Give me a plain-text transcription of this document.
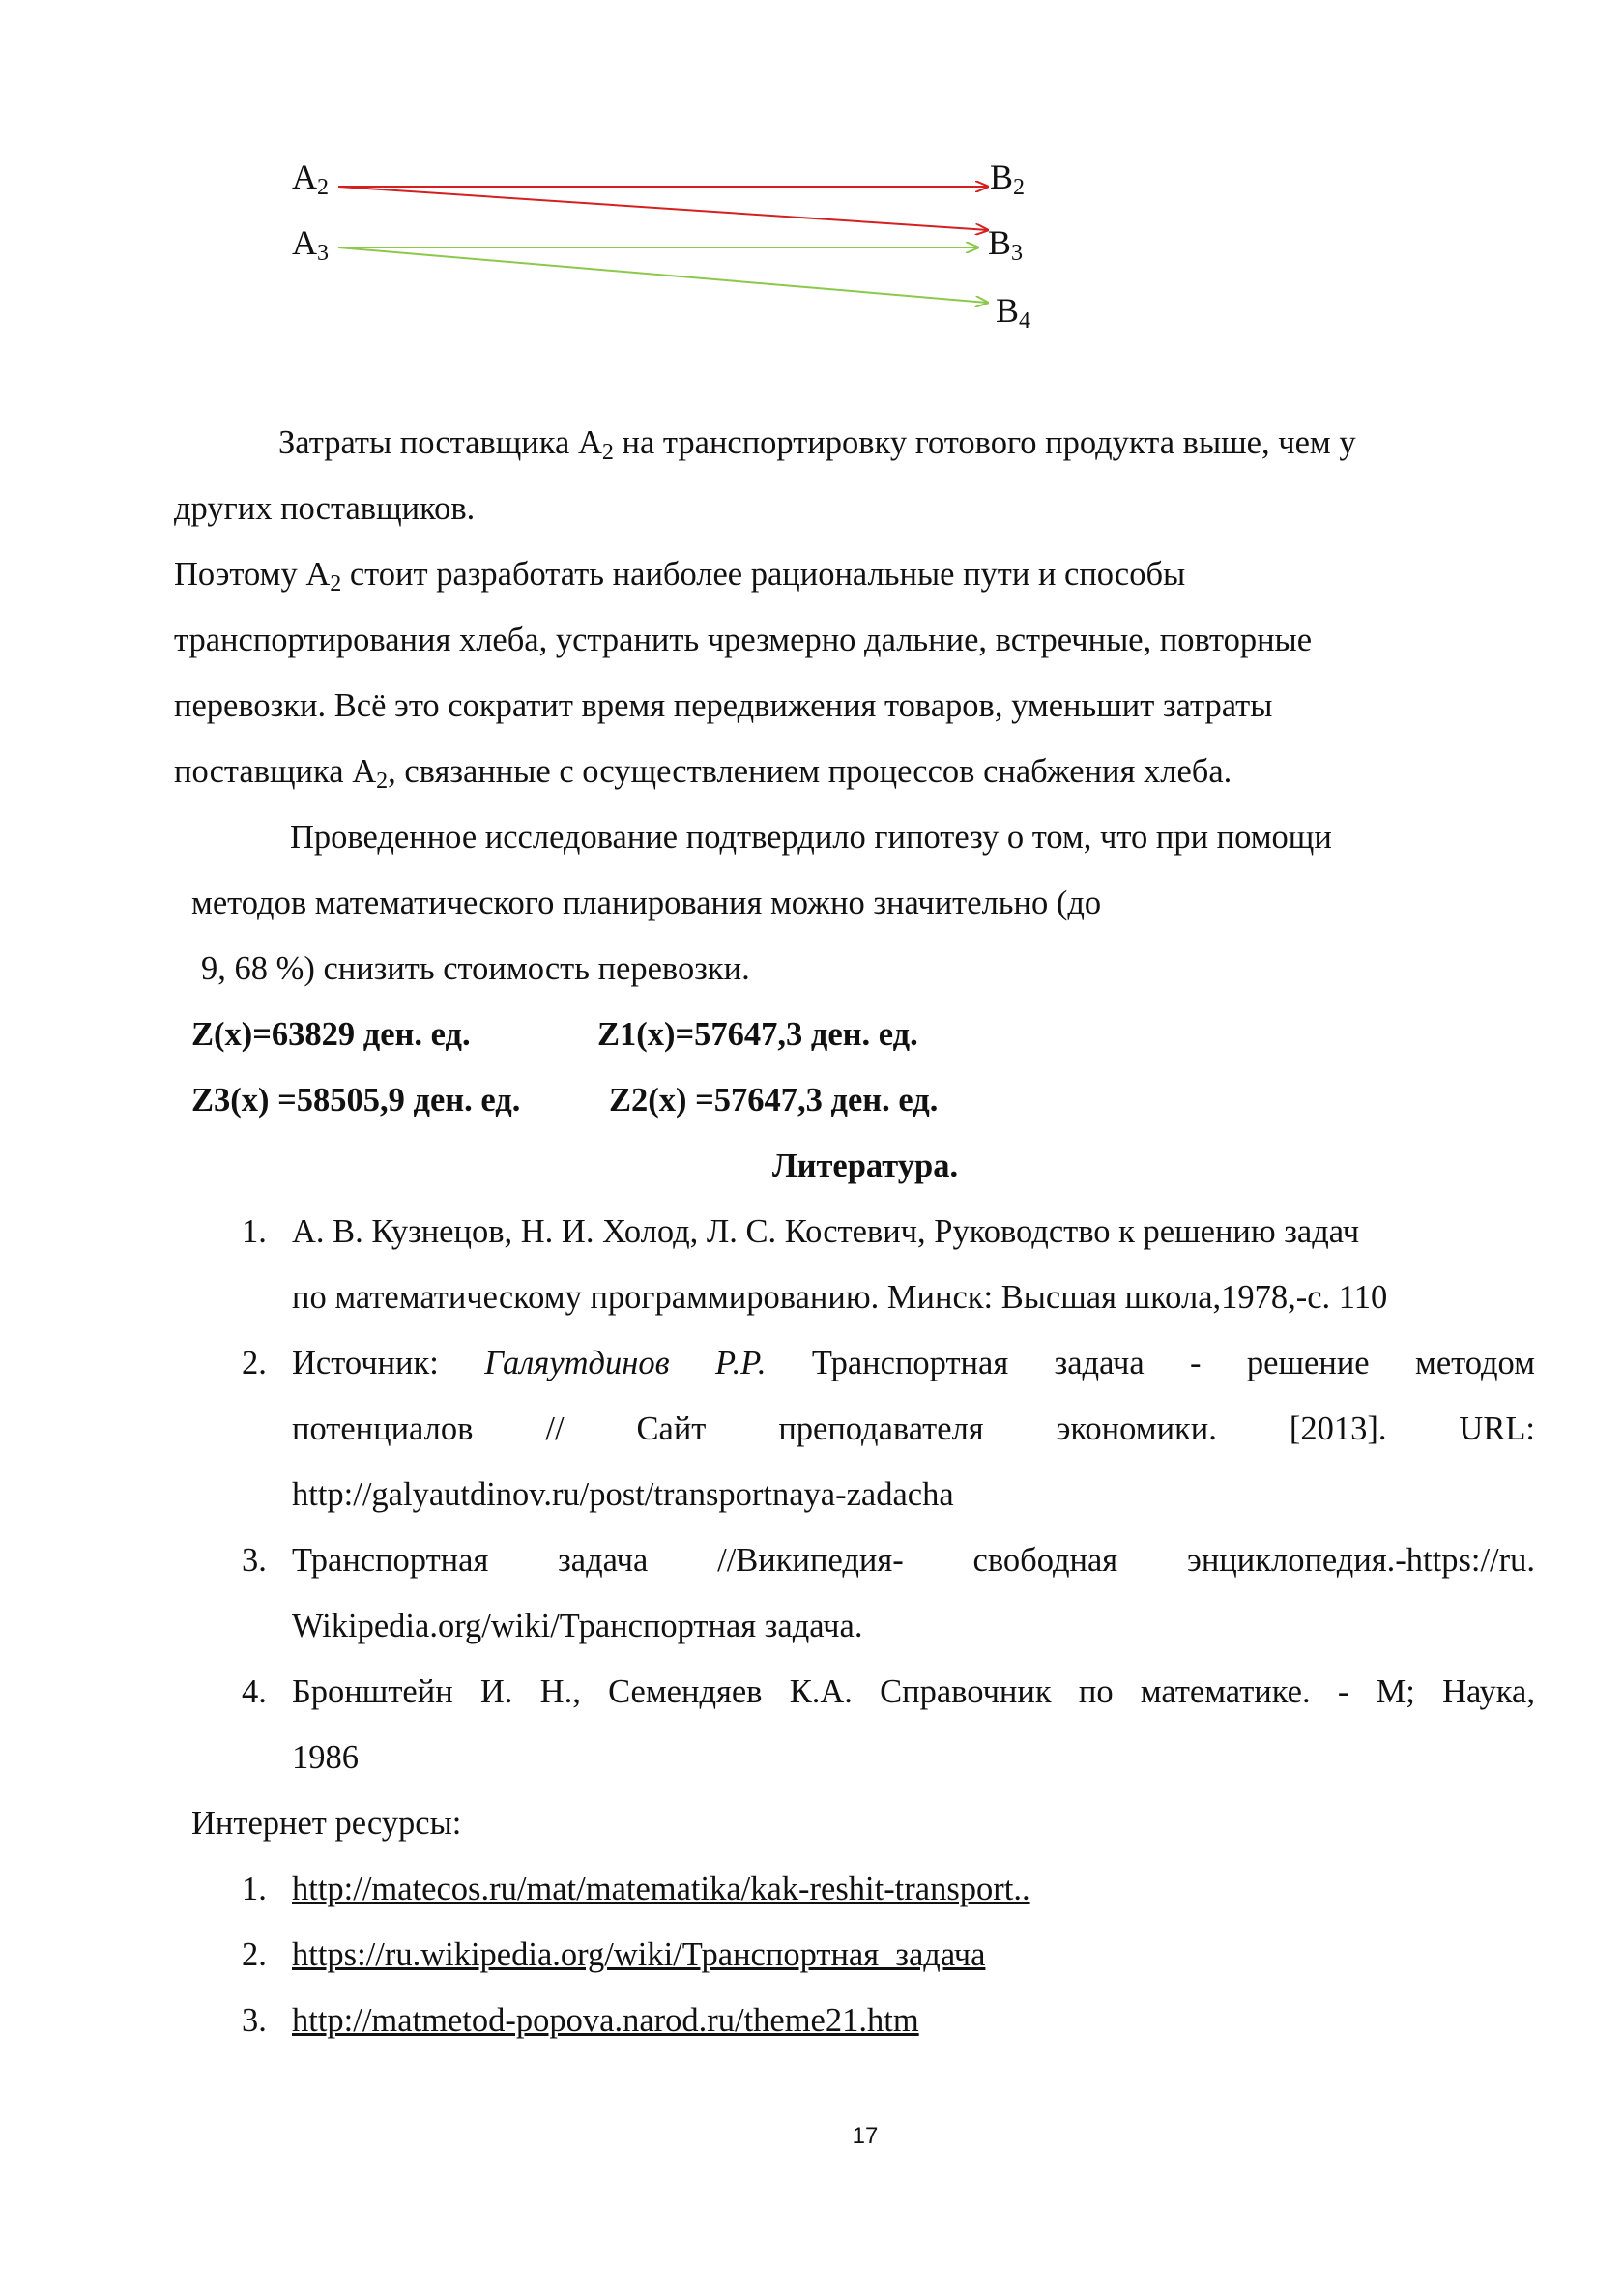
$A_2$
$A_3$
$B_2$
$B_3$
$B_4$
Затраты поставщика $A_2$ на транспортировку готового продукта выше, чем у
других поставщиков.
Поэтому $A_2$ стоит разработать наиболее рациональные пути и способы
транспортирования хлеба, устранить чрезмерно дальние, встречные, повторные
перевозки. Всё это сократит время передвижения товаров, уменьшит затраты
поставщика $A_2$, связанные с осуществлением процессов снабжения хлеба.
Проведенное исследование подтвердило гипотезу о том, что при помощи
методов математического планирования можно значительно (до
9, 68 %) снизить стоимость перевозки.
Z(x)=63829 ден. ед.	Z1(x)=57647,3 ден. ед.
Z3(x) =58505,9 ден. ед.	Z2(x) =57647,3 ден. ед.
Литература.
1. А. В. Кузнецов, Н. И. Холод, Л. С. Костевич, Руководство к решению задач
по математическому программированию. Минск: Высшая школа,1978,-с. 110
2. Источник: Галяутдинов Р.Р. Транспортная задача - решение методом
потенциалов // Сайт преподавателя экономики. [2013]. URL:
http://galyautdinov.ru/post/transportnaya-zadacha
3. Транспортная задача //Википедия- свободная энциклопедия.-https://ru.
Wikipedia.org/wiki/Транспортная задача.
4. Бронштейн И. Н., Семендяев К.А. Справочник по математике. - М; Наука,
1986
Интернет ресурсы:
1. http://matecos.ru/mat/matematika/kak-reshit-transport..
2. https://ru.wikipedia.org/wiki/Транспортная_задача
3. http://matmetod-popova.narod.ru/theme21.htm
17
